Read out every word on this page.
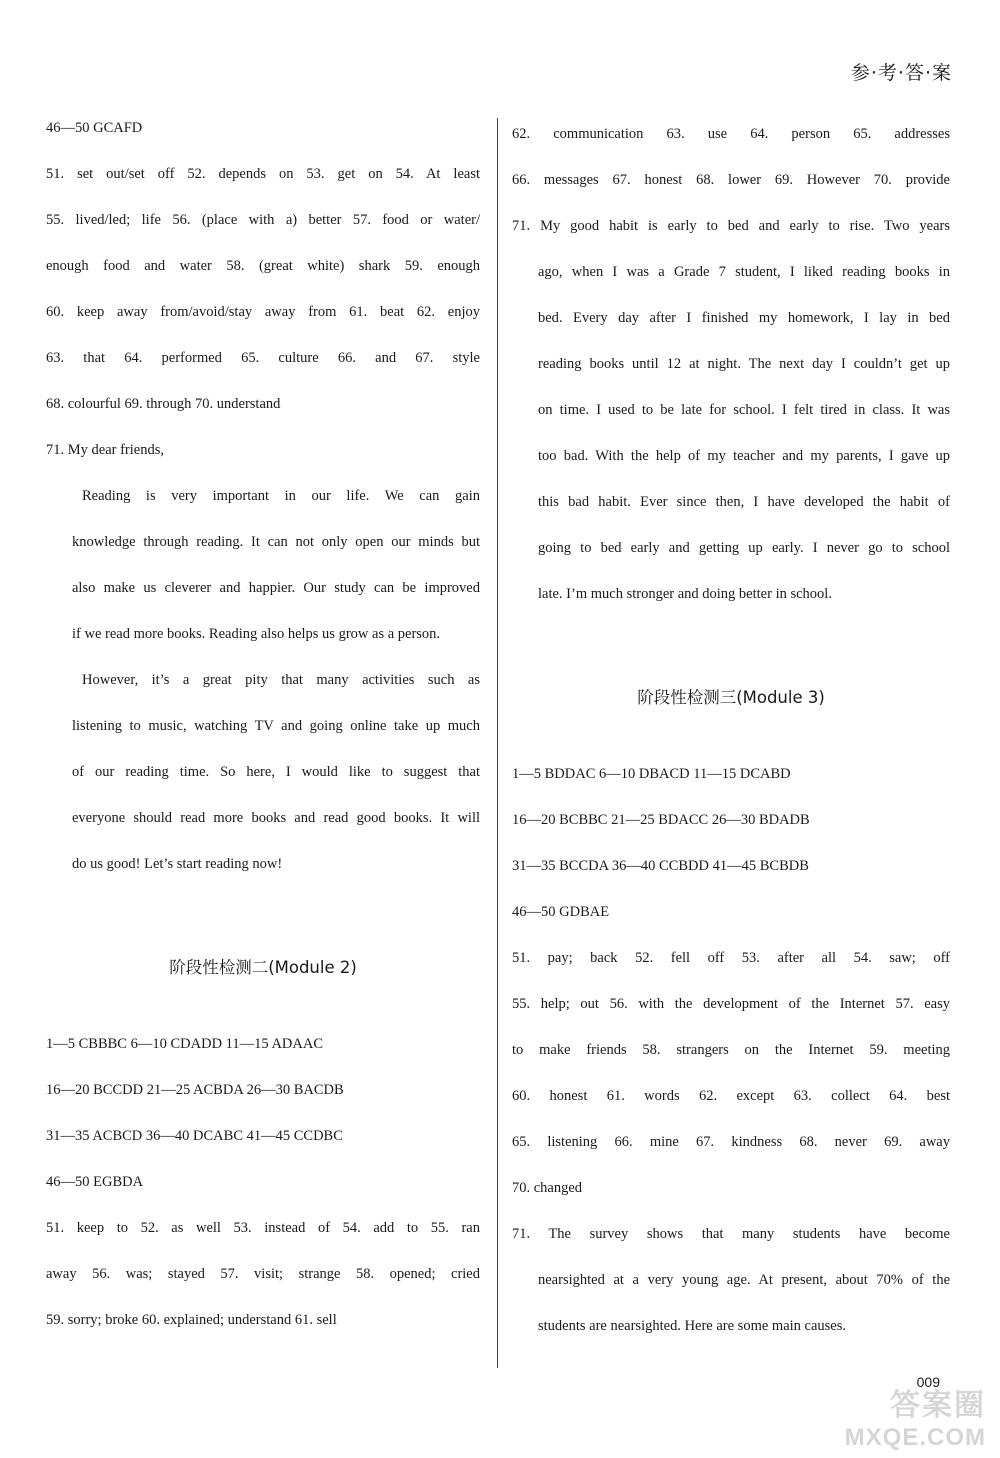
参·考·答·案
46—50 GCAFD
51. set out/set off 52. depends on 53. get on 54. At least
55. lived/led; life 56. (place with a) better 57. food or water/
enough food and water 58. (great white) shark 59. enough
60. keep away from/avoid/stay away from 61. beat 62. enjoy
63. that 64. performed 65. culture 66. and 67. style
68. colourful 69. through 70. understand
71. My dear friends,
Reading is very important in our life. We can gain
knowledge through reading. It can not only open our minds but
also make us cleverer and happier. Our study can be improved
if we read more books. Reading also helps us grow as a person.
However, it’s a great pity that many activities such as
listening to music, watching TV and going online take up much
of our reading time. So here, I would like to suggest that
everyone should read more books and read good books. It will
do us good! Let’s start reading now!
阶段性检测二(Module 2)
1—5 CBBBC 6—10 CDADD 11—15 ADAAC
16—20 BCCDD 21—25 ACBDA 26—30 BACDB
31—35 ACBCD 36—40 DCABC 41—45 CCDBC
46—50 EGBDA
51. keep to 52. as well 53. instead of 54. add to 55. ran
away 56. was; stayed 57. visit; strange 58. opened; cried
59. sorry; broke 60. explained; understand 61. sell
62. communication 63. use 64. person 65. addresses
66. messages 67. honest 68. lower 69. However 70. provide
71. My good habit is early to bed and early to rise. Two years
ago, when I was a Grade 7 student, I liked reading books in
bed. Every day after I finished my homework, I lay in bed
reading books until 12 at night. The next day I couldn’t get up
on time. I used to be late for school. I felt tired in class. It was
too bad. With the help of my teacher and my parents, I gave up
this bad habit. Ever since then, I have developed the habit of
going to bed early and getting up early. I never go to school
late. I’m much stronger and doing better in school.
阶段性检测三(Module 3)
1—5 BDDAC 6—10 DBACD 11—15 DCABD
16—20 BCBBC 21—25 BDACC 26—30 BDADB
31—35 BCCDA 36—40 CCBDD 41—45 BCBDB
46—50 GDBAE
51. pay; back 52. fell off 53. after all 54. saw; off
55. help; out 56. with the development of the Internet 57. easy
to make friends 58. strangers on the Internet 59. meeting
60. honest 61. words 62. except 63. collect 64. best
65. listening 66. mine 67. kindness 68. never 69. away
70. changed
71. The survey shows that many students have become
nearsighted at a very young age. At present, about 70% of the
students are nearsighted. Here are some main causes.
009
答案圈
MXQE.COM
